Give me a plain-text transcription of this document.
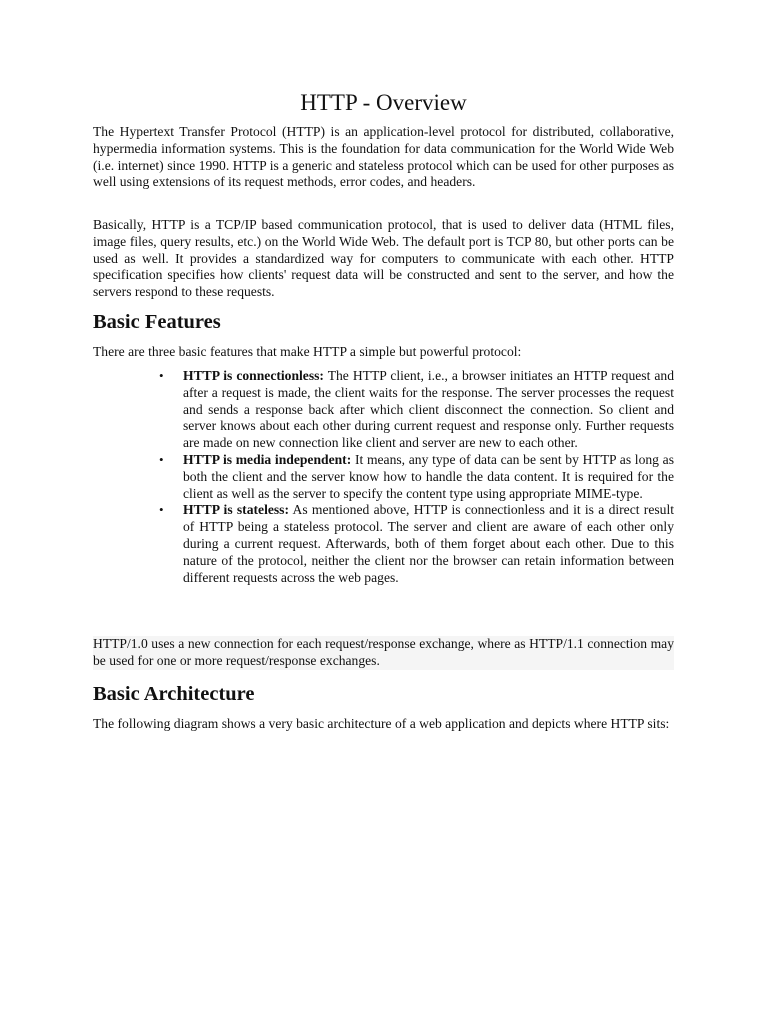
HTTP - Overview

The Hypertext Transfer Protocol (HTTP) is an application-level protocol for distributed, collaborative, hypermedia information systems. This is the foundation for data communication for the World Wide Web (i.e. internet) since 1990. HTTP is a generic and stateless protocol which can be used for other purposes as well using extensions of its request methods, error codes, and headers.

Basically, HTTP is a TCP/IP based communication protocol, that is used to deliver data (HTML files, image files, query results, etc.) on the World Wide Web. The default port is TCP 80, but other ports can be used as well. It provides a standardized way for computers to communicate with each other. HTTP specification specifies how clients' request data will be constructed and sent to the server, and how the servers respond to these requests.

Basic Features

There are three basic features that make HTTP a simple but powerful protocol:

• HTTP is connectionless: The HTTP client, i.e., a browser initiates an HTTP request and after a request is made, the client waits for the response. The server processes the request and sends a response back after which client disconnect the connection. So client and server knows about each other during current request and response only. Further requests are made on new connection like client and server are new to each other.
• HTTP is media independent: It means, any type of data can be sent by HTTP as long as both the client and the server know how to handle the data content. It is required for the client as well as the server to specify the content type using appropriate MIME-type.
• HTTP is stateless: As mentioned above, HTTP is connectionless and it is a direct result of HTTP being a stateless protocol. The server and client are aware of each other only during a current request. Afterwards, both of them forget about each other. Due to this nature of the protocol, neither the client nor the browser can retain information between different requests across the web pages.

HTTP/1.0 uses a new connection for each request/response exchange, where as HTTP/1.1 connection may be used for one or more request/response exchanges.

Basic Architecture

The following diagram shows a very basic architecture of a web application and depicts where HTTP sits:
